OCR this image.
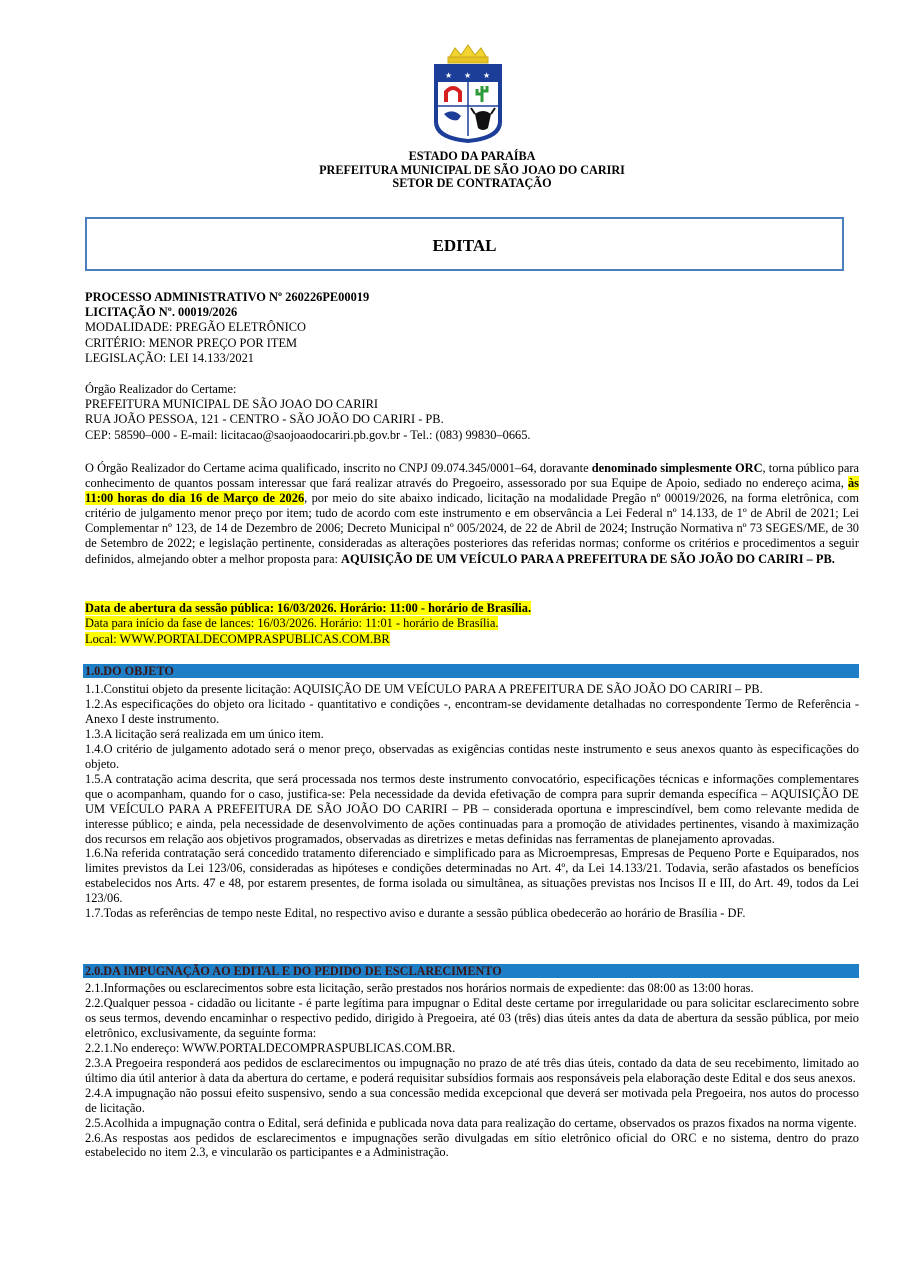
★ ★ ★
ESTADO DA PARAÍBA
PREFEITURA MUNICIPAL DE SÃO JOAO DO CARIRI
SETOR DE CONTRATAÇÃO
EDITAL
PROCESSO ADMINISTRATIVO Nº 260226PE00019
LICITAÇÃO Nº. 00019/2026
MODALIDADE: PREGÃO ELETRÔNICO
CRITÉRIO: MENOR PREÇO POR ITEM
LEGISLAÇÃO: LEI 14.133/2021
Órgão Realizador do Certame:
PREFEITURA MUNICIPAL DE SÃO JOAO DO CARIRI
RUA JOÃO PESSOA, 121 - CENTRO - SÃO JOÃO DO CARIRI - PB.
CEP: 58590–000 - E-mail: licitacao@saojoaodocariri.pb.gov.br - Tel.: (083) 99830–0665.
O Órgão Realizador do Certame acima qualificado, inscrito no CNPJ 09.074.345/0001–64, doravante denominado simplesmente ORC, torna público para conhecimento de quantos possam interessar que fará realizar através do Pregoeiro, assessorado por sua Equipe de Apoio, sediado no endereço acima, às 11:00 horas do dia 16 de Março de 2026, por meio do site abaixo indicado, licitação na modalidade Pregão nº 00019/2026, na forma eletrônica, com critério de julgamento menor preço por item; tudo de acordo com este instrumento e em observância a Lei Federal nº 14.133, de 1º de Abril de 2021; Lei Complementar nº 123, de 14 de Dezembro de 2006; Decreto Municipal nº 005/2024, de 22 de Abril de 2024; Instrução Normativa nº 73 SEGES/ME, de 30 de Setembro de 2022; e legislação pertinente, consideradas as alterações posteriores das referidas normas; conforme os critérios e procedimentos a seguir definidos, almejando obter a melhor proposta para: AQUISIÇÃO DE UM VEÍCULO PARA A PREFEITURA DE SÃO JOÃO DO CARIRI – PB.
Data de abertura da sessão pública: 16/03/2026. Horário: 11:00 - horário de Brasília.
Data para início da fase de lances: 16/03/2026. Horário: 11:01 - horário de Brasília.
Local: WWW.PORTALDECOMPRASPUBLICAS.COM.BR
1.0.DO OBJETO

1.1.Constitui objeto da presente licitação: AQUISIÇÃO DE UM VEÍCULO PARA A PREFEITURA DE SÃO JOÃO DO CARIRI – PB.

1.2.As especificações do objeto ora licitado - quantitativo e condições -, encontram-se devidamente detalhadas no correspondente Termo de Referência - Anexo I deste instrumento.

1.3.A licitação será realizada em um único item.

1.4.O critério de julgamento adotado será o menor preço, observadas as exigências contidas neste instrumento e seus anexos quanto às especificações do objeto.

1.5.A contratação acima descrita, que será processada nos termos deste instrumento convocatório, especificações técnicas e informações complementares que o acompanham, quando for o caso, justifica-se: Pela necessidade da devida efetivação de compra para suprir demanda específica – AQUISIÇÃO DE UM VEÍCULO PARA A PREFEITURA DE SÃO JOÃO DO CARIRI – PB – considerada oportuna e imprescindível, bem como relevante medida de interesse público; e ainda, pela necessidade de desenvolvimento de ações continuadas para a promoção de atividades pertinentes, visando à maximização dos recursos em relação aos objetivos programados, observadas as diretrizes e metas definidas nas ferramentas de planejamento aprovadas.

1.6.Na referida contratação será concedido tratamento diferenciado e simplificado para as Microempresas, Empresas de Pequeno Porte e Equiparados, nos limites previstos da Lei 123/06, consideradas as hipóteses e condições determinadas no Art. 4º, da Lei 14.133/21. Todavia, serão afastados os benefícios estabelecidos nos Arts. 47 e 48, por estarem presentes, de forma isolada ou simultânea, as situações previstas nos Incisos II e III, do Art. 49, todos da Lei 123/06.

1.7.Todas as referências de tempo neste Edital, no respectivo aviso e durante a sessão pública obedecerão ao horário de Brasília - DF.

2.0.DA IMPUGNAÇÃO AO EDITAL E DO PEDIDO DE ESCLARECIMENTO

2.1.Informações ou esclarecimentos sobre esta licitação, serão prestados nos horários normais de expediente: das 08:00 as 13:00 horas.

2.2.Qualquer pessoa - cidadão ou licitante - é parte legítima para impugnar o Edital deste certame por irregularidade ou para solicitar esclarecimento sobre os seus termos, devendo encaminhar o respectivo pedido, dirigido à Pregoeira, até 03 (três) dias úteis antes da data de abertura da sessão pública, por meio eletrônico, exclusivamente, da seguinte forma:

2.2.1.No endereço: WWW.PORTALDECOMPRASPUBLICAS.COM.BR.

2.3.A Pregoeira responderá aos pedidos de esclarecimentos ou impugnação no prazo de até três dias úteis, contado da data de seu recebimento, limitado ao último dia útil anterior à data da abertura do certame, e poderá requisitar subsídios formais aos responsáveis pela elaboração deste Edital e dos seus anexos.

2.4.A impugnação não possui efeito suspensivo, sendo a sua concessão medida excepcional que deverá ser motivada pela Pregoeira, nos autos do processo de licitação.

2.5.Acolhida a impugnação contra o Edital, será definida e publicada nova data para realização do certame, observados os prazos fixados na norma vigente.

2.6.As respostas aos pedidos de esclarecimentos e impugnações serão divulgadas em sítio eletrônico oficial do ORC e no sistema, dentro do prazo estabelecido no item 2.3, e vincularão os participantes e a Administração.
